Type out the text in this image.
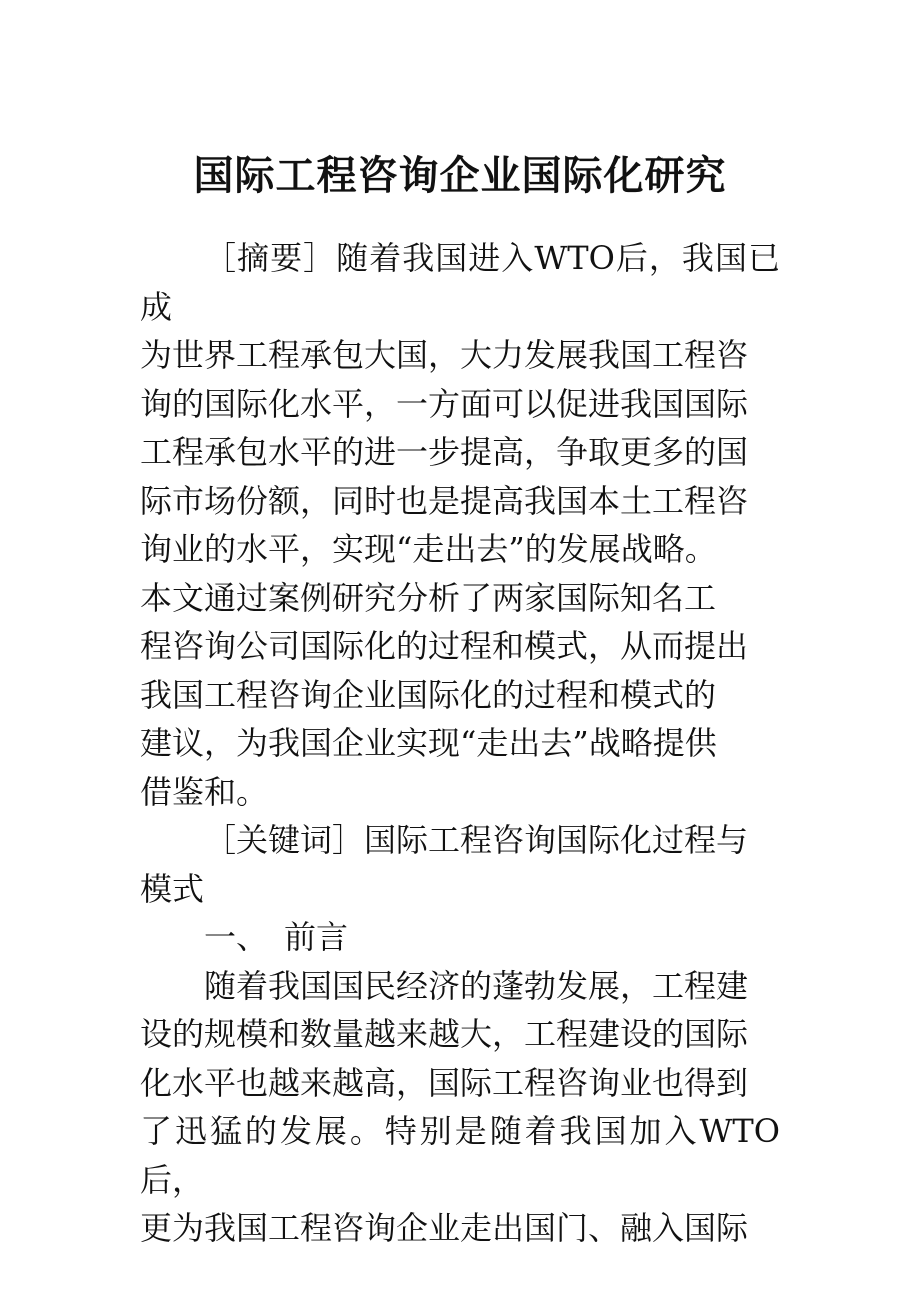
国际工程咨询企业国际化研究
［摘要］随着我国进入WTO后，我国已成
为世界工程承包大国，大力发展我国工程咨
询的国际化水平，一方面可以促进我国国际
工程承包水平的进一步提高，争取更多的国
际市场份额，同时也是提高我国本土工程咨
询业的水平，实现“走出去”的发展战略。
本文通过案例研究分析了两家国际知名工
程咨询公司国际化的过程和模式，从而提出
我国工程咨询企业国际化的过程和模式的
建议，为我国企业实现“走出去”战略提供
借鉴和。
［关键词］国际工程咨询国际化过程与
模式
一、　前言
随着我国国民经济的蓬勃发展，工程建
设的规模和数量越来越大，工程建设的国际
化水平也越来越高，国际工程咨询业也得到
了迅猛的发展。特别是随着我国加入WTO后，
更为我国工程咨询企业走出国门、融入国际
